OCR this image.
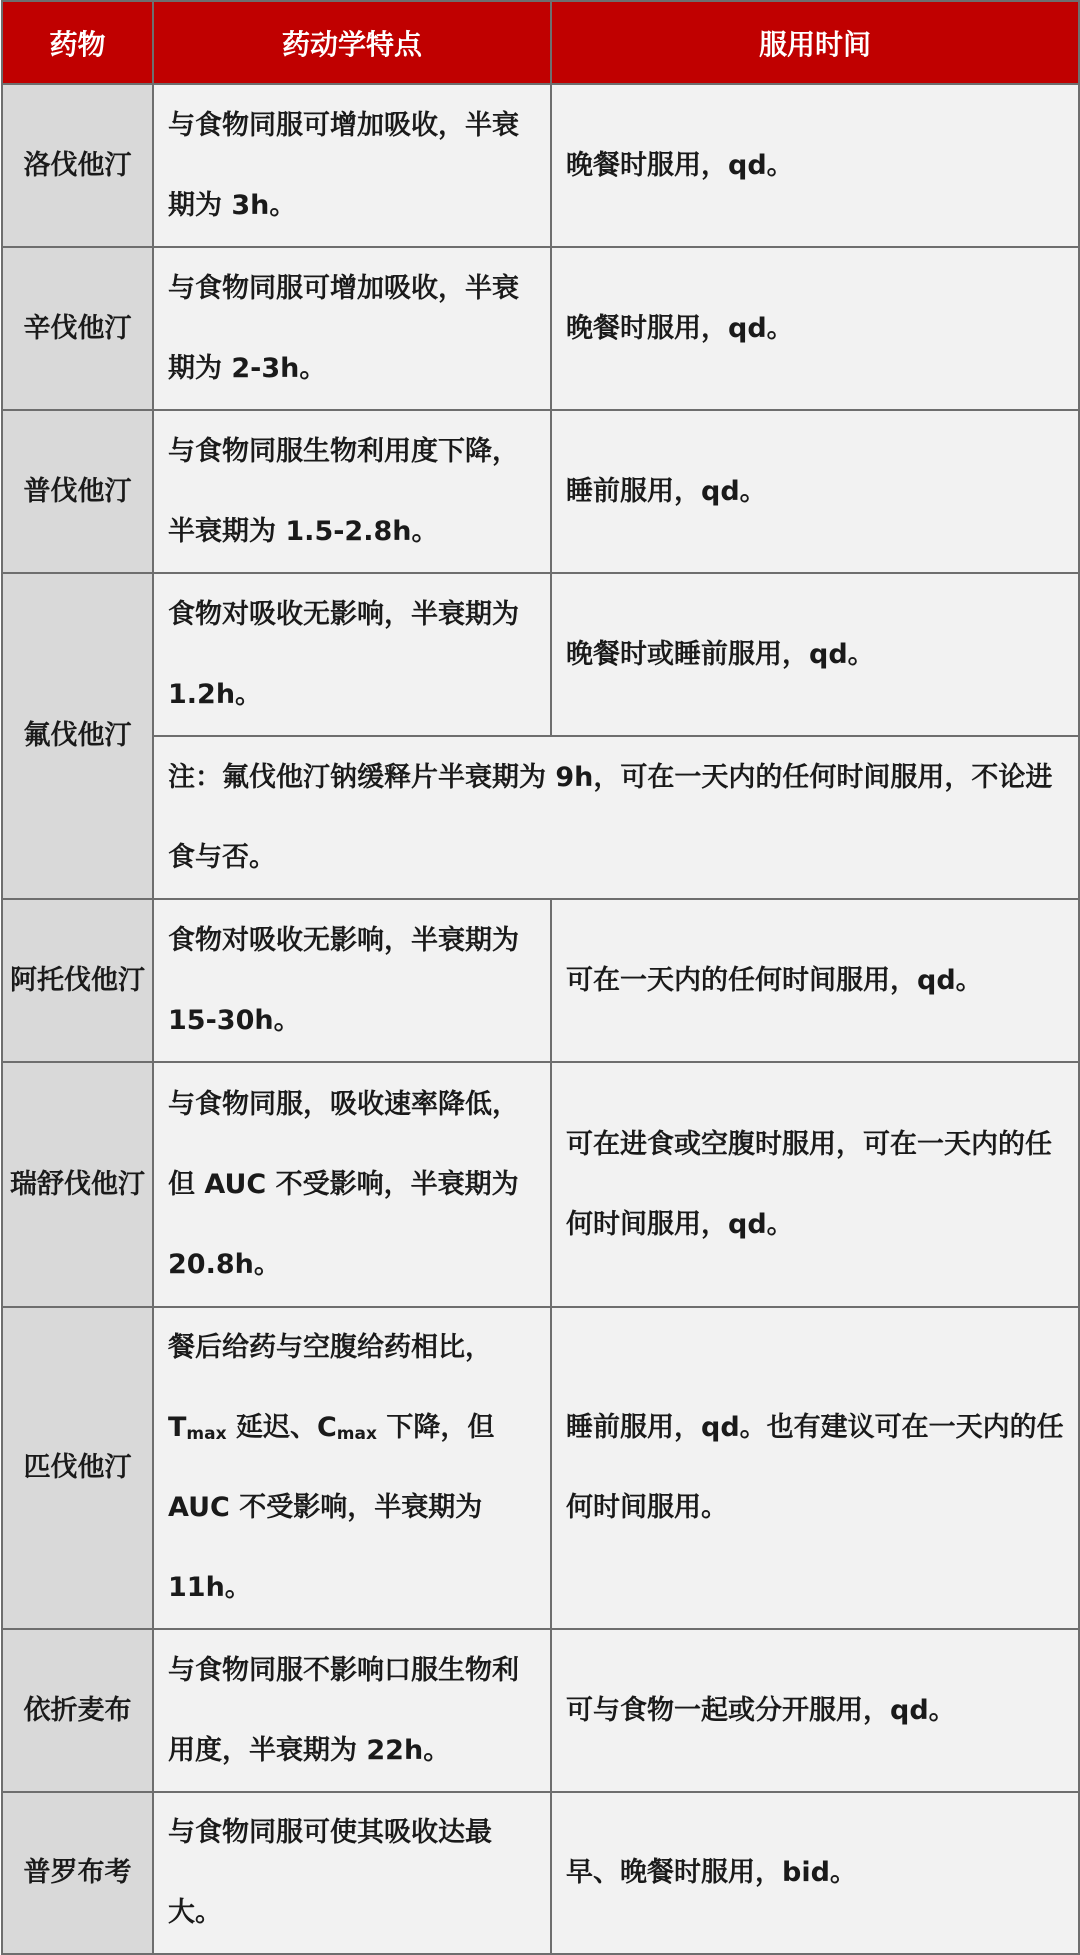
药物	药动学特点	服用时间
洛伐他汀	与食物同服可增加吸收，半衰期为 3h。	晚餐时服用，qd。
辛伐他汀	与食物同服可增加吸收，半衰期为 2-3h。	晚餐时服用，qd。
普伐他汀	与食物同服生物利用度下降，半衰期为 1.5-2.8h。	睡前服用，qd。
氟伐他汀	食物对吸收无影响，半衰期为 1.2h。	晚餐时或睡前服用，qd。
	注：氟伐他汀钠缓释片半衰期为 9h，可在一天内的任何时间服用，不论进食与否。	
阿托伐他汀	食物对吸收无影响，半衰期为 15-30h。	可在一天内的任何时间服用，qd。
瑞舒伐他汀	与食物同服，吸收速率降低，但 AUC 不受影响，半衰期为 20.8h。	可在进食或空腹时服用，可在一天内的任何时间服用，qd。
匹伐他汀	餐后给药与空腹给药相比，$T_{max}$ 延迟、$C_{max}$ 下降，但 AUC 不受影响，半衰期为 11h。	睡前服用，qd。也有建议可在一天内的任何时间服用。
依折麦布	与食物同服不影响口服生物利用度，半衰期为 22h。	可与食物一起或分开服用，qd。
普罗布考	与食物同服可使其吸收达最大。	早、晚餐时服用，bid。
